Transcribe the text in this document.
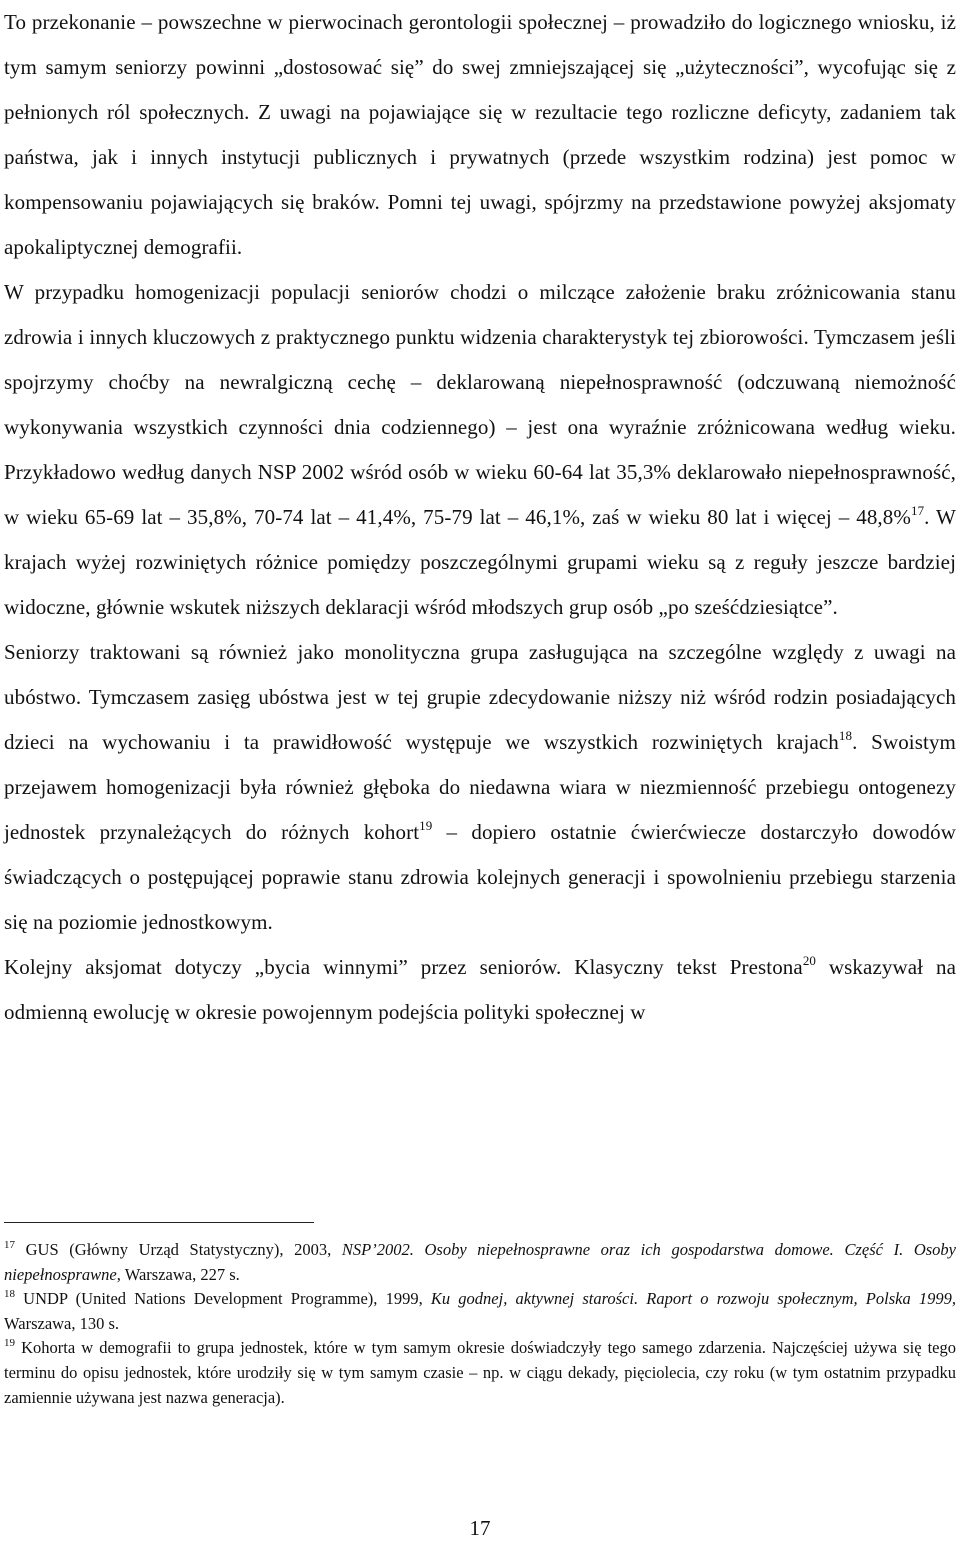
To przekonanie – powszechne w pierwocinach gerontologii społecznej – prowadziło do logicznego wniosku, iż tym samym seniorzy powinni „dostosować się” do swej zmniejszającej się „użyteczności”, wycofując się z pełnionych ról społecznych. Z uwagi na pojawiające się w rezultacie tego rozliczne deficyty, zadaniem tak państwa, jak i innych instytucji publicznych i prywatnych (przede wszystkim rodzina) jest pomoc w kompensowaniu pojawiających się braków. Pomni tej uwagi, spójrzmy na przedstawione powyżej aksjomaty apokaliptycznej demografii.

W przypadku homogenizacji populacji seniorów chodzi o milczące założenie braku zróżnicowania stanu zdrowia i innych kluczowych z praktycznego punktu widzenia charakterystyk tej zbiorowości. Tymczasem jeśli spojrzymy choćby na newralgiczną cechę – deklarowaną niepełnosprawność (odczuwaną niemożność wykonywania wszystkich czynności dnia codziennego) – jest ona wyraźnie zróżnicowana według wieku. Przykładowo według danych NSP 2002 wśród osób w wieku 60-64 lat 35,3% deklarowało niepełnosprawność, w wieku 65-69 lat – 35,8%, 70-74 lat – 41,4%, 75-79 lat – 46,1%, zaś w wieku 80 lat i więcej – 48,8%$^{17}$. W krajach wyżej rozwiniętych różnice pomiędzy poszczególnymi grupami wieku są z reguły jeszcze bardziej widoczne, głównie wskutek niższych deklaracji wśród młodszych grup osób „po sześćdziesiątce”.

Seniorzy traktowani są również jako monolityczna grupa zasługująca na szczególne względy z uwagi na ubóstwo. Tymczasem zasięg ubóstwa jest w tej grupie zdecydowanie niższy niż wśród rodzin posiadających dzieci na wychowaniu i ta prawidłowość występuje we wszystkich rozwiniętych krajach$^{18}$. Swoistym przejawem homogenizacji była również głęboka do niedawna wiara w niezmienność przebiegu ontogenezy jednostek przynależących do różnych kohort$^{19}$ – dopiero ostatnie ćwierćwiecze dostarczyło dowodów świadczących o postępującej poprawie stanu zdrowia kolejnych generacji i spowolnieniu przebiegu starzenia się na poziomie jednostkowym.

Kolejny aksjomat dotyczy „bycia winnymi” przez seniorów. Klasyczny tekst Prestona$^{20}$ wskazywał na odmienną ewolucję w okresie powojennym podejścia polityki społecznej w

$^{17}$ GUS (Główny Urząd Statystyczny), 2003, NSP’2002. Osoby niepełnosprawne oraz ich gospodarstwa domowe. Część I. Osoby niepełnosprawne, Warszawa, 227 s.

$^{18}$ UNDP (United Nations Development Programme), 1999, Ku godnej, aktywnej starości. Raport o rozwoju społecznym, Polska 1999, Warszawa, 130 s.

$^{19}$ Kohorta w demografii to grupa jednostek, które w tym samym okresie doświadczyły tego samego zdarzenia. Najczęściej używa się tego terminu do opisu jednostek, które urodziły się w tym samym czasie – np. w ciągu dekady, pięciolecia, czy roku (w tym ostatnim przypadku zamiennie używana jest nazwa generacja).

17
